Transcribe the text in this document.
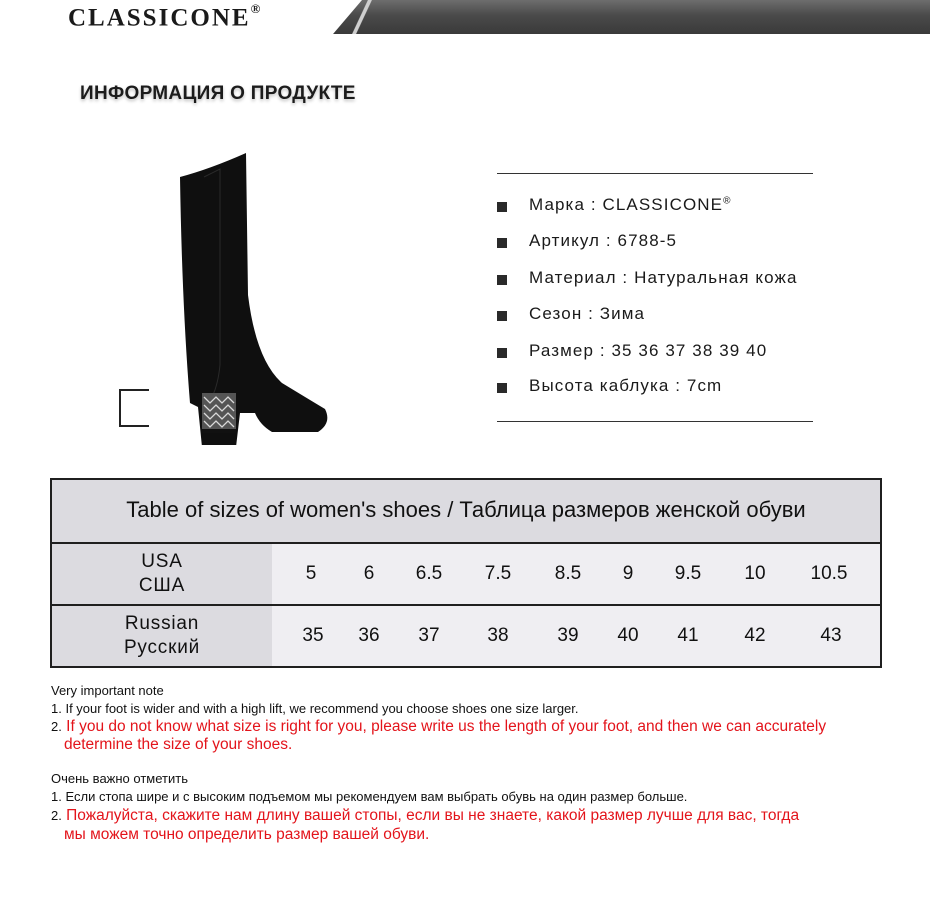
CLASSICONE®
ИНФОРМАЦИЯ О ПРОДУКТЕ
Марка : CLASSICONE®
Артикул : 6788-5
Материал : Натуральная кожа
Сезон : Зима
Размер : 35 36 37 38 39 40
Высота каблука : 7cm
Table of sizes of women's shoes / Таблица размеров женской обуви
USA
США
5	6	6.5	7.5	8.5	9	9.5	10	10.5
Russian
Русский
35	36	37	38	39	40	41	42	43
Very important note
1. If your foot is wider and with a high lift, we recommend you choose shoes one size larger.
2. If you do not know what size is right for you, please write us the length of your foot, and then we can accurately
determine the size of your shoes.
Очень важно отметить
1. Если стопа шире и с высоким подъемом мы рекомендуем вам выбрать обувь на один размер больше.
2. Пожалуйста, скажите нам длину вашей стопы, если вы не знаете, какой размер лучше для вас, тогда
мы можем точно определить размер вашей обуви.
